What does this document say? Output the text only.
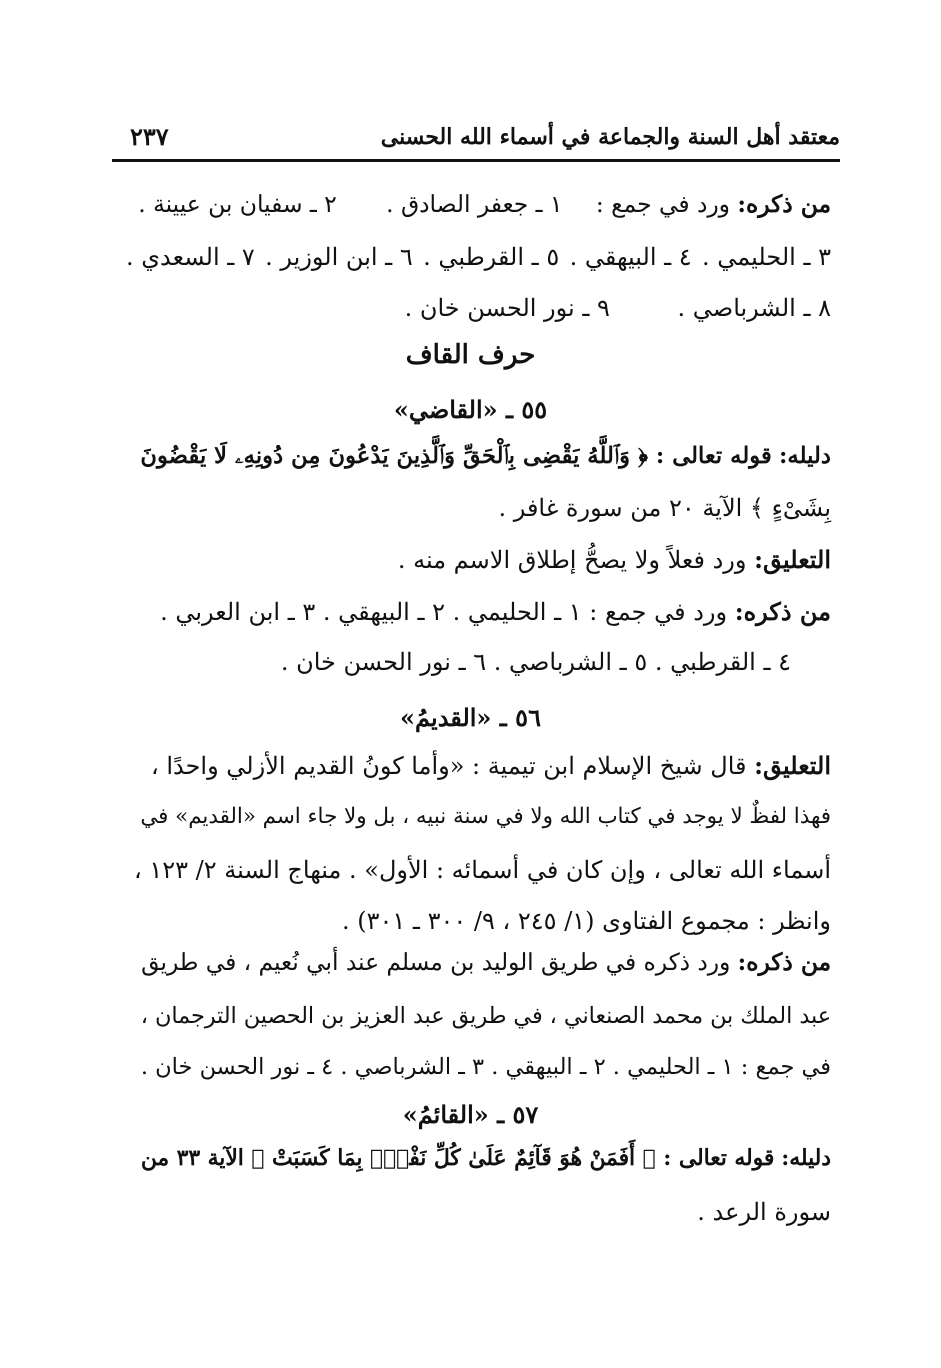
معتقد أهل السنة والجماعة في أسماء الله الحسنى
٢٣٧
من ذكره: ورد في جمع : ١ ـ جعفر الصادق . ٢ ـ سفيان بن عيينة .
٣ ـ الحليمي .
٤ ـ البيهقي .
٥ ـ القرطبي .
٦ ـ ابن الوزير .
٧ ـ السعدي .
٨ ـ الشرباصي . ٩ ـ نور الحسن خان .
حرف القاف
٥٥ ـ «القاضي»
دليله: قوله تعالى : ﴿ وَٱللَّهُ يَقْضِى بِٱلْحَقِّ وَٱلَّذِينَ يَدْعُونَ مِن دُونِهِۦ لَا يَقْضُونَ
بِشَىْءٍ ﴾ الآية ٢٠ من سورة غافر .
التعليق: ورد فعلاً ولا يصحُّ إطلاق الاسم منه .
من ذكره: ورد في جمع : ١ ـ الحليمي . ٢ ـ البيهقي . ٣ ـ ابن العربي .
٤ ـ القرطبي . ٥ ـ الشرباصي . ٦ ـ نور الحسن خان .
٥٦ ـ «القديمُ»
التعليق: قال شيخ الإسلام ابن تيمية : «وأما كونُ القديم الأزلي واحدًا ،
فهذا لفظٌ لا يوجد في كتاب الله ولا في سنة نبيه ، بل ولا جاء اسم «القديم» في
أسماء الله تعالى ، وإن كان في أسمائه : الأول» . منهاج السنة ٢/ ١٢٣ ،
وانظر : مجموع الفتاوى (١/ ٢٤٥ ، ٩/ ٣٠٠ ـ ٣٠١) .
من ذكره: ورد ذكره في طريق الوليد بن مسلم عند أبي نُعيم ، في طريق
عبد الملك بن محمد الصنعاني ، في طريق عبد العزيز بن الحصين الترجمان ،
في جمع : ١ ـ الحليمي . ٢ ـ البيهقي . ٣ ـ الشرباصي . ٤ ـ نور الحسن خان .
٥٧ ـ «القائمُ»
دليله: قوله تعالى : ﴿ أَفَمَنْ هُوَ قَآئِمٌ عَلَىٰ كُلِّ نَفْسٍۭ بِمَا كَسَبَتْ ﴾ الآية ٣٣ من
سورة الرعد .
